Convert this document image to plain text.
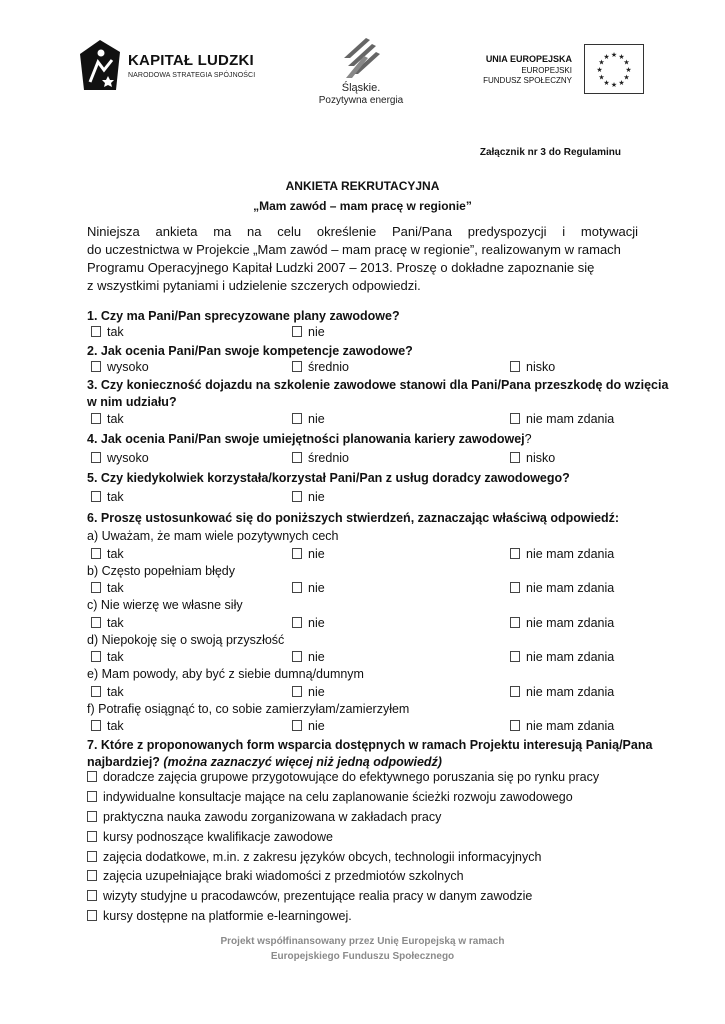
KAPITAŁ LUDZKI
NARODOWA STRATEGIA SPÓJNOŚCI
Śląskie.
Pozytywna energia
UNIA EUROPEJSKA
EUROPEJSKI
FUNDUSZ SPOŁECZNY
★ ★
★
★
★
★
★
★
★
★
★
★
Załącznik nr 3 do Regulaminu
ANKIETA REKRUTACYJNA
„Mam zawód – mam pracę w regionie”
Niniejsza ankieta ma na celu określenie Pani/Pana predyspozycji i motywacji
do uczestnictwa w Projekcie „Mam zawód – mam pracę w regionie”, realizowanym w ramach
Programu Operacyjnego Kapitał Ludzki 2007 – 2013. Proszę o dokładne zapoznanie się
z wszystkimi pytaniami i udzielenie szczerych odpowiedzi.
1. Czy ma Pani/Pan sprecyzowane plany zawodowe?
tak	nie
2. Jak ocenia Pani/Pan swoje kompetencje zawodowe?
wysoko	średnio	nisko
3. Czy konieczność dojazdu na szkolenie zawodowe stanowi dla Pani/Pana przeszkodę do wzięcia
w nim udziału?
tak	nie	nie mam zdania
4. Jak ocenia Pani/Pan swoje umiejętności planowania kariery zawodowej?
wysoko	średnio	nisko
5. Czy kiedykolwiek korzystała/korzystał Pani/Pan z usług doradcy zawodowego?
tak	nie
6. Proszę ustosunkować się do poniższych stwierdzeń, zaznaczając właściwą odpowiedź:
a) Uważam, że mam wiele pozytywnych cech
tak	nie	nie mam zdania
b) Często popełniam błędy
tak	nie	nie mam zdania
c) Nie wierzę we własne siły
tak	nie	nie mam zdania
d) Niepokoję się o swoją przyszłość
tak	nie	nie mam zdania
e) Mam powody, aby być z siebie dumną/dumnym
tak	nie	nie mam zdania
f) Potrafię osiągnąć to, co sobie zamierzyłam/zamierzyłem
tak	nie	nie mam zdania
7. Które z proponowanych form wsparcia dostępnych w ramach Projektu interesują Panią/Pana
najbardziej? (można zaznaczyć więcej niż jedną odpowiedź)
doradcze zajęcia grupowe przygotowujące do efektywnego poruszania się po rynku pracy
indywidualne konsultacje mające na celu zaplanowanie ścieżki rozwoju zawodowego
praktyczna nauka zawodu zorganizowana w zakładach pracy
kursy podnoszące kwalifikacje zawodowe
zajęcia dodatkowe, m.in. z zakresu języków obcych, technologii informacyjnych
zajęcia uzupełniające braki wiadomości z przedmiotów szkolnych
wizyty studyjne u pracodawców, prezentujące realia pracy w danym zawodzie
kursy dostępne na platformie e-learningowej.
Projekt współfinansowany przez Unię Europejską w ramach
Europejskiego Funduszu Społecznego
